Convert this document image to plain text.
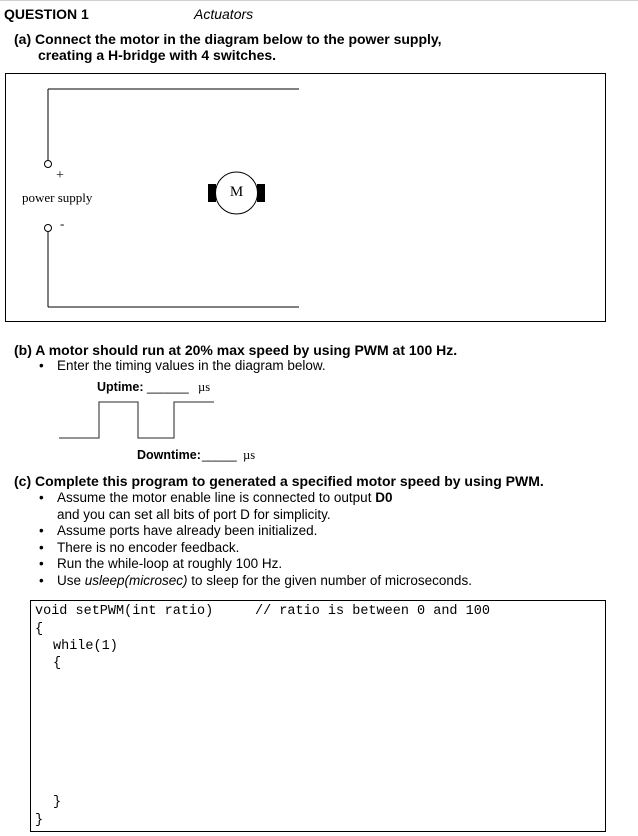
QUESTION 1	Actuators
(a) Connect the motor in the diagram below to the power supply,
creating a H-bridge with 4 switches.
+
power supply
-
M
(b) A motor should run at 20% max speed by using PWM at 100 Hz.
• Enter the timing values in the diagram below.
Uptime: ______ µs
Downtime: _____ µs
(c) Complete this program to generated a specified motor speed by using PWM.
• Assume the motor enable line is connected to output D0
and you can set all bits of port D for simplicity.
• Assume ports have already been initialized.
• There is no encoder feedback.
• Run the while-loop at roughly 100 Hz.
• Use usleep(microsec) to sleep for the given number of microseconds.
void setPWM(int ratio)	// ratio is between 0 and 100
{
while(1)
{
}
}
